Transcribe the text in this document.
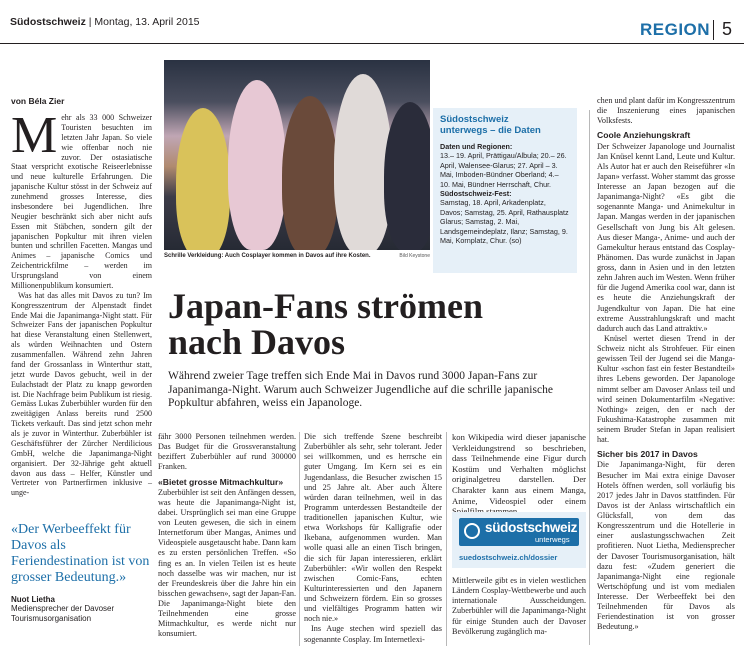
Südostschweiz | Montag, 13. April 2015	REGION 5
von Béla Zier
M ehr als 33 000 Schweizer Touristen besuchten im letzten Jahr Japan. So viele wie offenbar noch nie zuvor. Der ostasiatische Staat verspricht exotische Reiseerlebnisse und neue kulturelle Erfahrungen. Die japanische Kultur stösst in der Schweiz auf zunehmend grosses Interesse, dies insbesondere bei Jugendlichen. Ihre Neugier beschränkt sich aber nicht aufs Essen mit Stäbchen, sondern gilt der japanischen Popkultur mit ihren vielen bunten und schrillen Facetten. Mangas und Animes – japanische Comics und Zeichentrickfilme – werden im Ursprungsland von einem Millionenpublikum konsumiert.

Was hat das alles mit Davos zu tun? Im Kongresszentrum der Alpenstadt findet Ende Mai die Japanimanga-Night statt. Für Schweizer Fans der japanischen Popkultur hat diese Veranstaltung einen Stellenwert, als würden Weihnachten und Ostern zusammenfallen. Während zehn Jahren fand der Grossanlass in Winterthur statt, jetzt wurde Davos gebucht, weil in der Eulachstadt der Platz zu knapp geworden ist. Die Nachfrage beim Publikum ist riesig. Gemäss Lukas Zuberbühler wurden für den zweitägigen Anlass bereits rund 2500 Tickets verkauft. Das sind jetzt schon mehr als je zuvor in Winterthur. Zuberbühler ist Geschäftsführer der Zürcher Nerdilicious GmbH, welche die Japanimanga-Night organisiert. Der 32-Jährige geht aktuell davon aus dass – Helfer, Künstler und Vertreter von Partnerfirmen inklusive – unge-

«Der Werbeeffekt für Davos als Feriendestination ist von grosser Bedeutung.»
Nuot Lietha
Mediensprecher der Davoser
Tourismusorganisation
Schrille Verkleidung: Auch Cosplayer kommen in Davos auf ihre Kosten.	Bild Keystone
Südostschweiz
unterwegs – die Daten
Daten und Regionen:
13.– 19. April, Prättigau/Albula; 20.– 26. April, Walensee-Glarus; 27. April – 3. Mai, Imboden-Bündner Oberland; 4.– 10. Mai, Bündner Herrschaft, Chur.
Südostschweiz-Fest:
Samstag, 18. April, Arkadenplatz, Davos; Samstag, 25. April, Rathausplatz Glarus; Samstag, 2. Mai, Landsgemeindeplatz, Ilanz; Samstag, 9. Mai, Kornplatz, Chur. (so)
Japan-Fans strömen
nach Davos
Während zweier Tage treffen sich Ende Mai in Davos rund 3000 Japan-Fans zur Japanimanga-Night. Warum auch Schweizer Jugendliche auf die schrille japanische Popkultur abfahren, weiss ein Japanologe.

fähr 3000 Personen teilnehmen werden. Das Budget für die Grossveranstaltung beziffert Zuberbühler auf rund 300000 Franken.

«Bietet grosse Mitmachkultur»

Zuberbühler ist seit den Anfängen dessen, was heute die Japanimanga-Night ist, dabei. Ursprünglich sei man eine Gruppe von Leuten gewesen, die sich in einem Internetforum über Mangas, Animes und Videospiele ausgetauscht habe. Dann kam es zu ersten persönlichen Treffen. «So fing es an. In vielen Teilen ist es heute noch dasselbe was wir machen, nur ist der Freundeskreis über die Jahre hin ein bisschen gewachsen», sagt der Japan-Fan. Die Japanimanga-Night biete den Teilnehmenden eine grosse Mitmachkultur, es werde nicht nur konsumiert.

Die sich treffende Szene beschreibt Zuberbühler als sehr, sehr tolerant. Jeder sei willkommen, und es herrsche ein guter Umgang. Im Kern sei es ein Jugendanlass, die Besucher zwischen 15 und 25 Jahre alt. Aber auch Ältere würden daran teilnehmen, weil in das Programm unterdessen Bestandteile der traditionellen japanischen Kultur, wie etwa Workshops für Kalligrafie oder Ikebana, aufgenommen wurden. Man wolle quasi alle an einen Tisch bringen, die sich für Japan interessieren, erklärt Zuberbühler: «Wir wollen den Respekt zwischen Comic-Fans, echten Kulturinteressierten und den Japanern und Schweizern fördern. Ein so grosses und vielfältiges Programm hatten wir noch nie.»

Ins Auge stechen wird speziell das sogenannte Cosplay. Im Internetlexi-

kon Wikipedia wird dieser japanische Verkleidungstrend so beschrieben, dass Teilnehmende eine Figur durch Kostüm und Verhalten möglichst originalgetreu darstellen. Der Charakter kann aus einem Manga, Anime, Videospiel oder einem

südostschweiz
unterwegs
suedostschweiz.ch/dossier

Mittlerweile gibt es in vielen westlichen Ländern Cosplay-Wettbewerbe und auch internationale Ausscheidungen. Zuberbühler will die Japanimanga-Night für einige Stunden auch der Davoser Bevölkerung zugänglich ma-

chen und plant dafür im Kongresszentrum die Inszenierung eines japanischen Volksfests.

Coole Anziehungskraft

Der Schweizer Japanologe und Journalist Jan Knüsel kennt Land, Leute und Kultur. Als Autor hat er auch den Reiseführer «In Japan» verfasst. Woher stammt das grosse Interesse an Japan bezogen auf die Japanimanga-Night? «Es gibt die sogenannte Manga- und Animekultur in Japan. Mangas werden in der japanischen Gesellschaft von Jung bis Alt gelesen. Aus dieser Manga-, Anime- und auch der Gamekultur heraus entstand das Cosplay-Phänomen. Das wurde zunächst in Japan gross, dann in Asien und in den letzten zehn Jahren auch im Westen. Wenn früher für die Jugend Amerika cool war, dann ist es heute die Anziehungskraft der Jugendkultur von Japan. Die hat eine extreme Ausstrahlungskraft und macht dadurch auch das Land attraktiv.»

Knüsel wertet diesen Trend in der Schweiz nicht als Strohfeuer. Für einen gewissen Teil der Jugend sei die Manga-Kultur «schon fast ein fester Bestandteil» ihres Lebens geworden. Der Japanologe nimmt selber am Davoser Anlass teil und wird seinen Dokumentarfilm «Negative: Nothing» zeigen, den er nach der Fukushima-Katastrophe zusammen mit seinem Bruder Stefan in Japan realisiert hat.

Sicher bis 2017 in Davos

Die Japanimanga-Night, für deren Besucher im Mai extra einige Davoser Hotels öffnen werden, soll vorläufig bis 2017 jedes Jahr in Davos stattfinden. Für Davos ist der Anlass wirtschaftlich ein Glücksfall, von dem das Kongresszentrum und die Hotellerie in einer auslastungsschwachen Zeit profitieren. Nuot Lietha, Mediensprecher der Davoser Tourismusorganisation, hält dazu fest: «Zudem generiert die Japanimanga-Night eine regionale Wertschöpfung und ist vom medialen Interesse. Der Werbeeffekt bei den Teilnehmenden für Davos als Feriendestination ist von grosser Bedeutung.»
